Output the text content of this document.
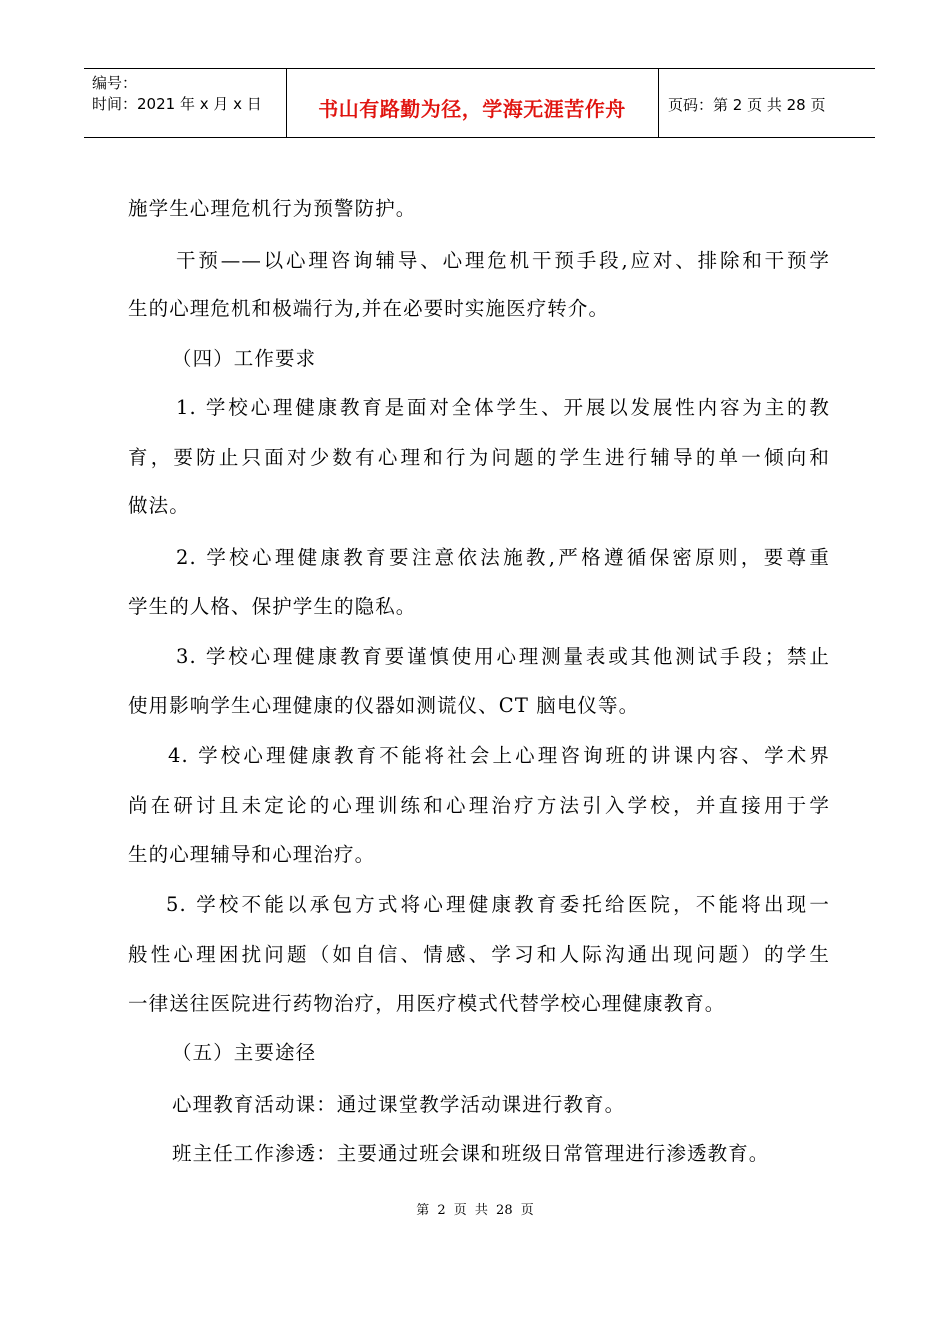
编号：
时间：2021 年 x 月 x 日	书山有路勤为径，学海无涯苦作舟	页码：第 2 页 共 28 页
施学生心理危机行为预警防护。
干预——以心理咨询辅导、心理危机干预手段,应对、排除和干预学
生的心理危机和极端行为,并在必要时实施医疗转介。
（四）工作要求
1. 学校心理健康教育是面对全体学生、开展以发展性内容为主的教
育，要防止只面对少数有心理和行为问题的学生进行辅导的单一倾向和
做法。
2. 学校心理健康教育要注意依法施教,严格遵循保密原则，要尊重
学生的人格、保护学生的隐私。
3. 学校心理健康教育要谨慎使用心理测量表或其他测试手段；禁止
使用影响学生心理健康的仪器如测谎仪、CT 脑电仪等。
4. 学校心理健康教育不能将社会上心理咨询班的讲课内容、学术界
尚在研讨且未定论的心理训练和心理治疗方法引入学校，并直接用于学
生的心理辅导和心理治疗。
5. 学校不能以承包方式将心理健康教育委托给医院，不能将出现一
般性心理困扰问题（如自信、情感、学习和人际沟通出现问题）的学生
一律送往医院进行药物治疗，用医疗模式代替学校心理健康教育。
（五）主要途径
心理教育活动课：通过课堂教学活动课进行教育。
班主任工作渗透：主要通过班会课和班级日常管理进行渗透教育。
第 2 页 共 28 页
